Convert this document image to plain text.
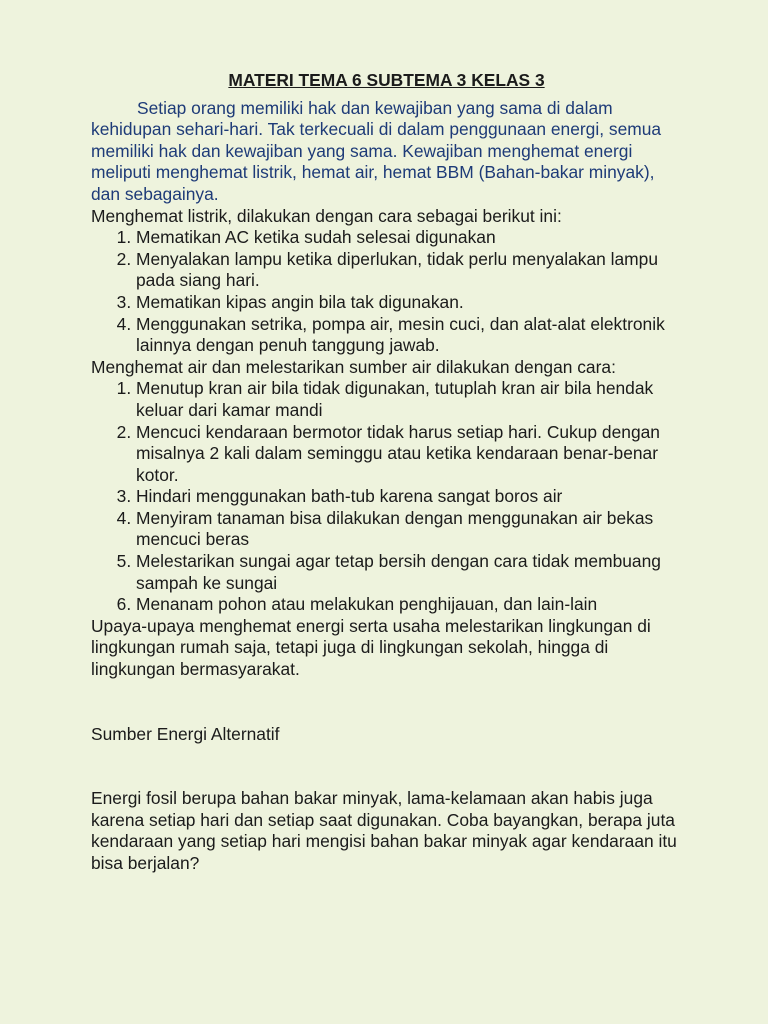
MATERI TEMA 6 SUBTEMA 3 KELAS 3

Setiap orang memiliki hak dan kewajiban yang sama di dalam kehidupan sehari-hari. Tak terkecuali di dalam penggunaan energi, semua memiliki hak dan kewajiban yang sama. Kewajiban menghemat energi meliputi menghemat listrik, hemat air, hemat BBM (Bahan-bakar minyak), dan sebagainya.

Menghemat listrik, dilakukan dengan cara sebagai berikut ini:

1. Mematikan AC ketika sudah selesai digunakan
2. Menyalakan lampu ketika diperlukan, tidak perlu menyalakan lampu pada siang hari.
3. Mematikan kipas angin bila tak digunakan.
4. Menggunakan setrika, pompa air, mesin cuci, dan alat-alat elektronik lainnya dengan penuh tanggung jawab.

Menghemat air dan melestarikan sumber air dilakukan dengan cara:

1. Menutup kran air bila tidak digunakan, tutuplah kran air bila hendak keluar dari kamar mandi
2. Mencuci kendaraan bermotor tidak harus setiap hari. Cukup dengan misalnya 2 kali dalam seminggu atau ketika kendaraan benar-benar kotor.
3. Hindari menggunakan bath-tub karena sangat boros air
4. Menyiram tanaman bisa dilakukan dengan menggunakan air bekas mencuci beras
5. Melestarikan sungai agar tetap bersih dengan cara tidak membuang sampah ke sungai
6. Menanam pohon atau melakukan penghijauan, dan lain-lain

Upaya-upaya menghemat energi serta usaha melestarikan lingkungan di lingkungan rumah saja, tetapi juga di lingkungan sekolah, hingga di lingkungan bermasyarakat.

Sumber Energi Alternatif

Energi fosil berupa bahan bakar minyak, lama-kelamaan akan habis juga karena setiap hari dan setiap saat digunakan. Coba bayangkan, berapa juta kendaraan yang setiap hari mengisi bahan bakar minyak agar kendaraan itu bisa berjalan?
